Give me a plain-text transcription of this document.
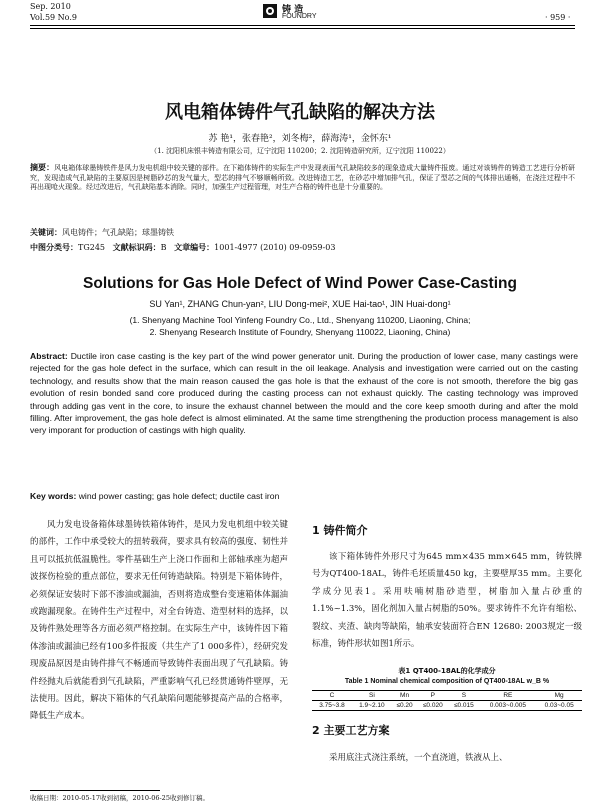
Sep. 2010
Vol.59 No.9
铸 造
FOUNDRY	· 959 ·
风电箱体铸件气孔缺陷的解决方法
苏 艳¹，张春艳²，刘冬梅²，薛海涛¹，金怀东¹
（1. 沈阳机床银丰铸造有限公司，辽宁沈阳 110200；2. 沈阳铸造研究所，辽宁沈阳 110022）
摘要：风电箱体球墨铸铁件是风力发电机组中较关键的部件。在下箱体铸件的实际生产中发现表面气孔缺陷较多的现象造成大量铸件报废。通过对该铸件的铸造工艺进行分析研究，发现造成气孔缺陷的主要原因是树脂砂芯的发气量大，型芯的排气不够顺畅所致。改进铸造工艺，在砂芯中增加排气孔，保证了型芯之间的气体排出通畅，在浇注过程中不再出现呛火现象。经过改进后，气孔缺陷基本消除。同时，加强生产过程管理，对生产合格的铸件也是十分重要的。
关键词：风电铸件；气孔缺陷；球墨铸铁
中图分类号：TG245 文献标识码：B 文章编号：1001-4977 (2010) 09-0959-03
Solutions for Gas Hole Defect of Wind Power Case-Casting
SU Yan¹, ZHANG Chun-yan², LIU Dong-mei², XUE Hai-tao¹, JIN Huai-dong¹
(1. Shenyang Machine Tool Yinfeng Foundry Co., Ltd., Shenyang 110200, Liaoning, China;
2. Shenyang Research Institute of Foundry, Shenyang 110022, Liaoning, China)
Abstract: Ductile iron case casting is the key part of the wind power generator unit. During the production of lower case, many castings were rejected for the gas hole defect in the surface, which can result in the oil leakage. Analysis and investigation were carried out on the casting technology, and results show that the main reason caused the gas hole is that the exhaust of the core is not smooth, therefore the big gas evolution of resin bonded sand core produced during the casting process can not exhaust quickly. The casting technology was improved through adding gas vent in the core, to insure the exhaust channel between the mould and the core keep smooth during and after the mold filling. After improvement, the gas hole defect is almost eliminated. At the same time strengthening the production process management is also very imporant for production of castings with high quality.
Key words: wind power casting; gas hole defect; ductile cast iron
风力发电设备箱体球墨铸铁箱体铸件，是风力发电机组中较关键的部件，工作中承受较大的扭转载荷，要求具有较高的强度、韧性并且可以抵抗低温脆性。零件基础生产上浇口作面和上部轴承座为超声波探伤检验的重点部位，要求无任何铸造缺陷。特别是下箱体铸件，必须保证安装时下部不渗油或漏油，否则将造成整台变速箱体体漏油或跑漏现象。在铸件生产过程中，对全台铸造、造型材料的选择，以及铸件熟处理等各方面必须严格控制。在实际生产中，该铸件因下箱体渗油或漏油已经有100多件报废（共生产了1 000多件），经研究发现废品原因是由铸件排气不畅通而导致铸件表面出现了气孔缺陷。铸件经抛丸后就能看到气孔缺陷，严重影响气孔已经贯通铸件壁厚，无法使用。因此，解决下箱体的气孔缺陷问题能够提高产品的合格率，降低生产成本。
1 铸件简介
该下箱体铸件外形尺寸为645 mm×435 mm×645 mm，铸铁牌号为QT400-18AL，铸件毛坯质量450 kg，主要壁厚35 mm。主要化学成分见表1。采用呋喃树脂砂造型，树脂加入量占砂重的1.1%~1.3%，固化剂加入量占树脂的50%。要求铸件不允许有缩松、裂纹、夹渣、缺肉等缺陷，轴承安装面符合EN 12680: 2003规定一级标准，铸件形状如图1所示。
表1 QT400-18AL的化学成分
Table 1 Nominal chemical composition of QT400-18AL w_B %
C	Si	Mn	P	S	RE	Mg
3.75~3.8	1.9~2.10	≤0.20	≤0.020	≤0.015	0.003~0.005	0.03~0.05
2 主要工艺方案
采用底注式浇注系统，一个直浇道，铁液从上、
收稿日期：2010-05-17收到初稿，2010-06-25收到修订稿。
